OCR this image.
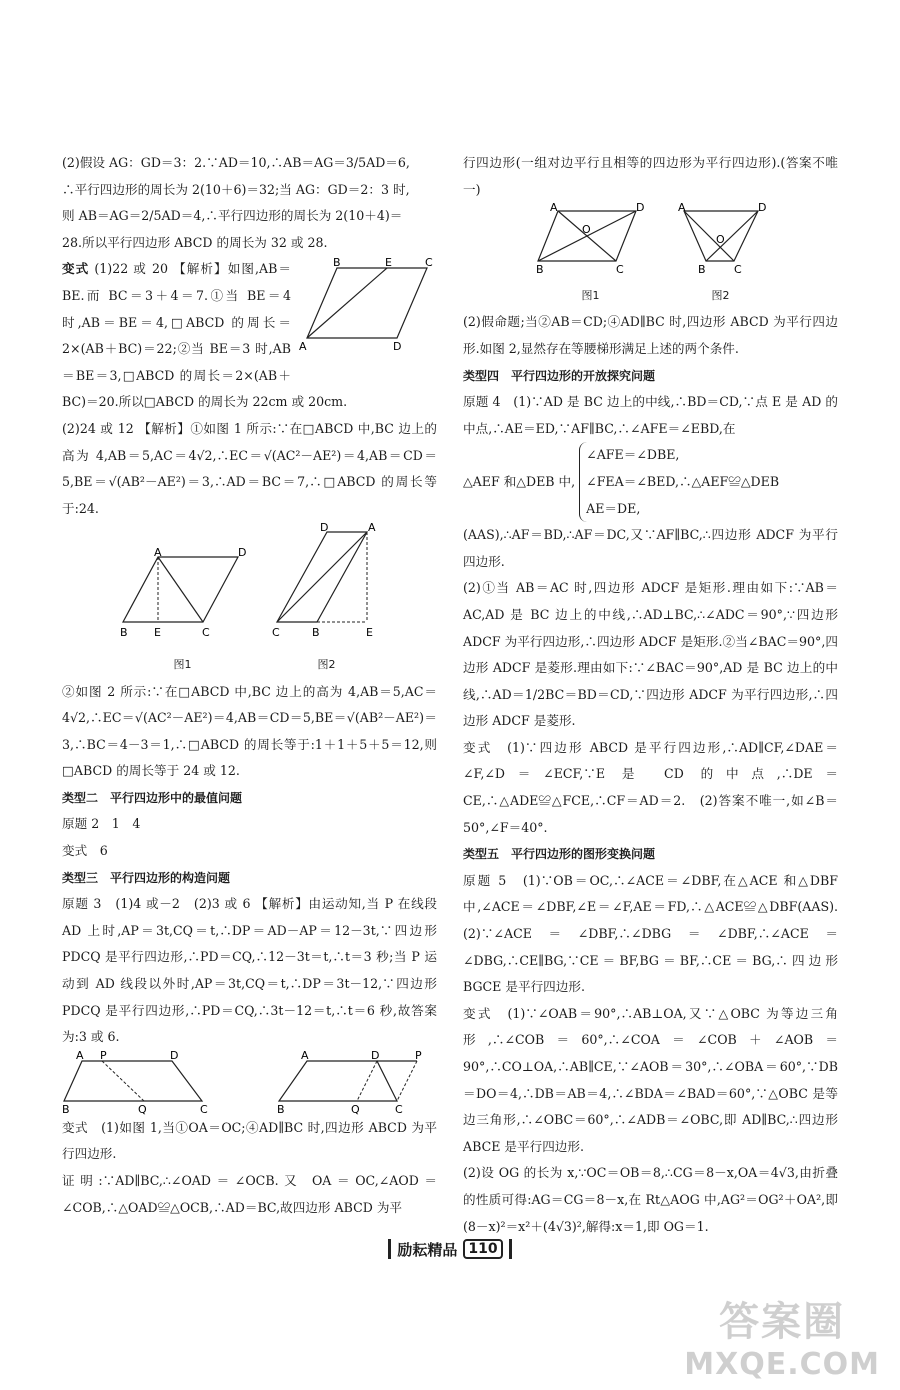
(2)假设 AG：GD＝3：2.∵AD＝10,∴AB＝AG＝3/5AD＝6,

∴平行四边形的周长为 2(10＋6)＝32;当 AG：GD＝2：3 时,

则 AB＝AG＝2/5AD＝4,∴平行四边形的周长为 2(10＋4)＝

28.所以平行四边形 ABCD 的周长为 32 或 28.

B	E	C
A	D

变式 (1)22 或 20 【解析】如图,AB＝BE.而 BC＝3＋4＝7.①当 BE＝4 时,AB＝BE＝4,□ABCD 的周长＝2×(AB＋BC)＝22;②当 BE＝3 时,AB＝BE＝3,□ABCD 的周长＝2×(AB＋BC)＝20.所以□ABCD 的周长为 22cm 或 20cm.

(2)24 或 12 【解析】①如图 1 所示:∵在□ABCD 中,BC 边上的高为 4,AB＝5,AC＝4√2,∴EC＝√(AC²－AE²)＝4,AB＝CD＝5,BE＝√(AB²－AE²)＝3,∴AD＝BC＝7,∴□ABCD 的周长等于:24.

A	D
B E	C
图1
D	A
C	B	E
图2

②如图 2 所示:∵在□ABCD 中,BC 边上的高为 4,AB＝5,AC＝4√2,∴EC＝√(AC²－AE²)＝4,AB＝CD＝5,BE＝√(AB²－AE²)＝3,∴BC＝4－3＝1,∴□ABCD 的周长等于:1＋1＋5＋5＝12,则□ABCD 的周长等于 24 或 12.

类型二　平行四边形中的最值问题

原题 2　1　4

变式　6

类型三　平行四边形的构造问题

原题 3　(1)4 或－2　(2)3 或 6 【解析】由运动知,当 P 在线段 AD 上时,AP＝3t,CQ＝t,∴DP＝AD－AP＝12－3t,∵四边形 PDCQ 是平行四边形,∴PD＝CQ,∴12－3t＝t,∴t＝3 秒;当 P 运动到 AD 线段以外时,AP＝3t,CQ＝t,∴DP＝3t－12,∵四边形 PDCQ 是平行四边形,∴PD＝CQ,∴3t－12＝t,∴t＝6 秒,故答案为:3 或 6.

A P	D
B	Q	C
A	D	P
B	Q	C

变式　(1)如图 1,当①OA＝OC;④AD∥BC 时,四边形 ABCD 为平行四边形.

证明:∵AD∥BC,∴∠OAD＝∠OCB.又 OA＝OC,∠AOD＝∠COB,∴△OAD≌△OCB,∴AD＝BC,故四边形 ABCD 为平

行四边形(一组对边平行且相等的四边形为平行四边形).(答案不唯一)

A	D
O
B	C
图1
A	D
O
B	C
图2

(2)假命题;当②AB＝CD;④AD∥BC 时,四边形 ABCD 为平行四边形.如图 2,显然存在等腰梯形满足上述的两个条件.

类型四　平行四边形的开放探究问题

原题 4　(1)∵AD 是 BC 边上的中线,∴BD＝CD,∵点 E 是 AD 的中点,∴AE＝ED,∵AF∥BC,∴∠AFE＝∠EBD,在

△AEF 和△DEB 中,
∠AFE＝∠DBE,
∠FEA＝∠BED,∴△AEF≌△DEB
AE＝DE,

(AAS),∴AF＝BD,∴AF＝DC,又∵AF∥BC,∴四边形 ADCF 为平行四边形.

(2)①当 AB＝AC 时,四边形 ADCF 是矩形.理由如下:∵AB＝AC,AD 是 BC 边上的中线,∴AD⊥BC,∴∠ADC＝90°,∵四边形 ADCF 为平行四边形,∴四边形 ADCF 是矩形.②当∠BAC＝90°,四边形 ADCF 是菱形.理由如下:∵∠BAC＝90°,AD 是 BC 边上的中线,∴AD＝1/2BC＝BD＝CD,∵四边形 ADCF 为平行四边形,∴四边形 ADCF 是菱形.

变式　(1)∵四边形 ABCD 是平行四边形,∴AD∥CF,∠DAE＝∠F,∠D＝∠ECF,∵E 是 CD 的中点,∴DE＝CE,∴△ADE≌△FCE,∴CF＝AD＝2.　(2)答案不唯一,如∠B＝50°,∠F＝40°.

类型五　平行四边形的图形变换问题

原题 5　(1)∵OB＝OC,∴∠ACE＝∠DBF,在△ACE 和△DBF 中,∠ACE＝∠DBF,∠E＝∠F,AE＝FD,∴△ACE≌△DBF(AAS).　(2)∵∠ACE＝∠DBF,∴∠DBG＝∠DBF,∴∠ACE＝∠DBG,∴CE∥BG,∵CE＝BF,BG＝BF,∴CE＝BG,∴四边形 BGCE 是平行四边形.

变式　(1)∵∠OAB＝90°,∴AB⊥OA,又∵△OBC 为等边三角形,∴∠COB＝60°,∴∠COA＝∠COB＋∠AOB＝90°,∴CO⊥OA,∴AB∥CE,∵∠AOB＝30°,∴∠OBA＝60°,∵DB＝DO＝4,∴DB＝AB＝4,∴∠BDA＝∠BAD＝60°,∵△OBC 是等边三角形,∴∠OBC＝60°,∴∠ADB＝∠OBC,即 AD∥BC,∴四边形 ABCE 是平行四边形.

(2)设 OG 的长为 x,∵OC＝OB＝8,∴CG＝8－x,OA＝4√3,由折叠的性质可得:AG＝CG＝8－x,在 Rt△AOG 中,AG²＝OG²＋OA²,即(8－x)²＝x²＋(4√3)²,解得:x＝1,即 OG＝1.

励耘精品 110
答案圈
MXQE.COM
